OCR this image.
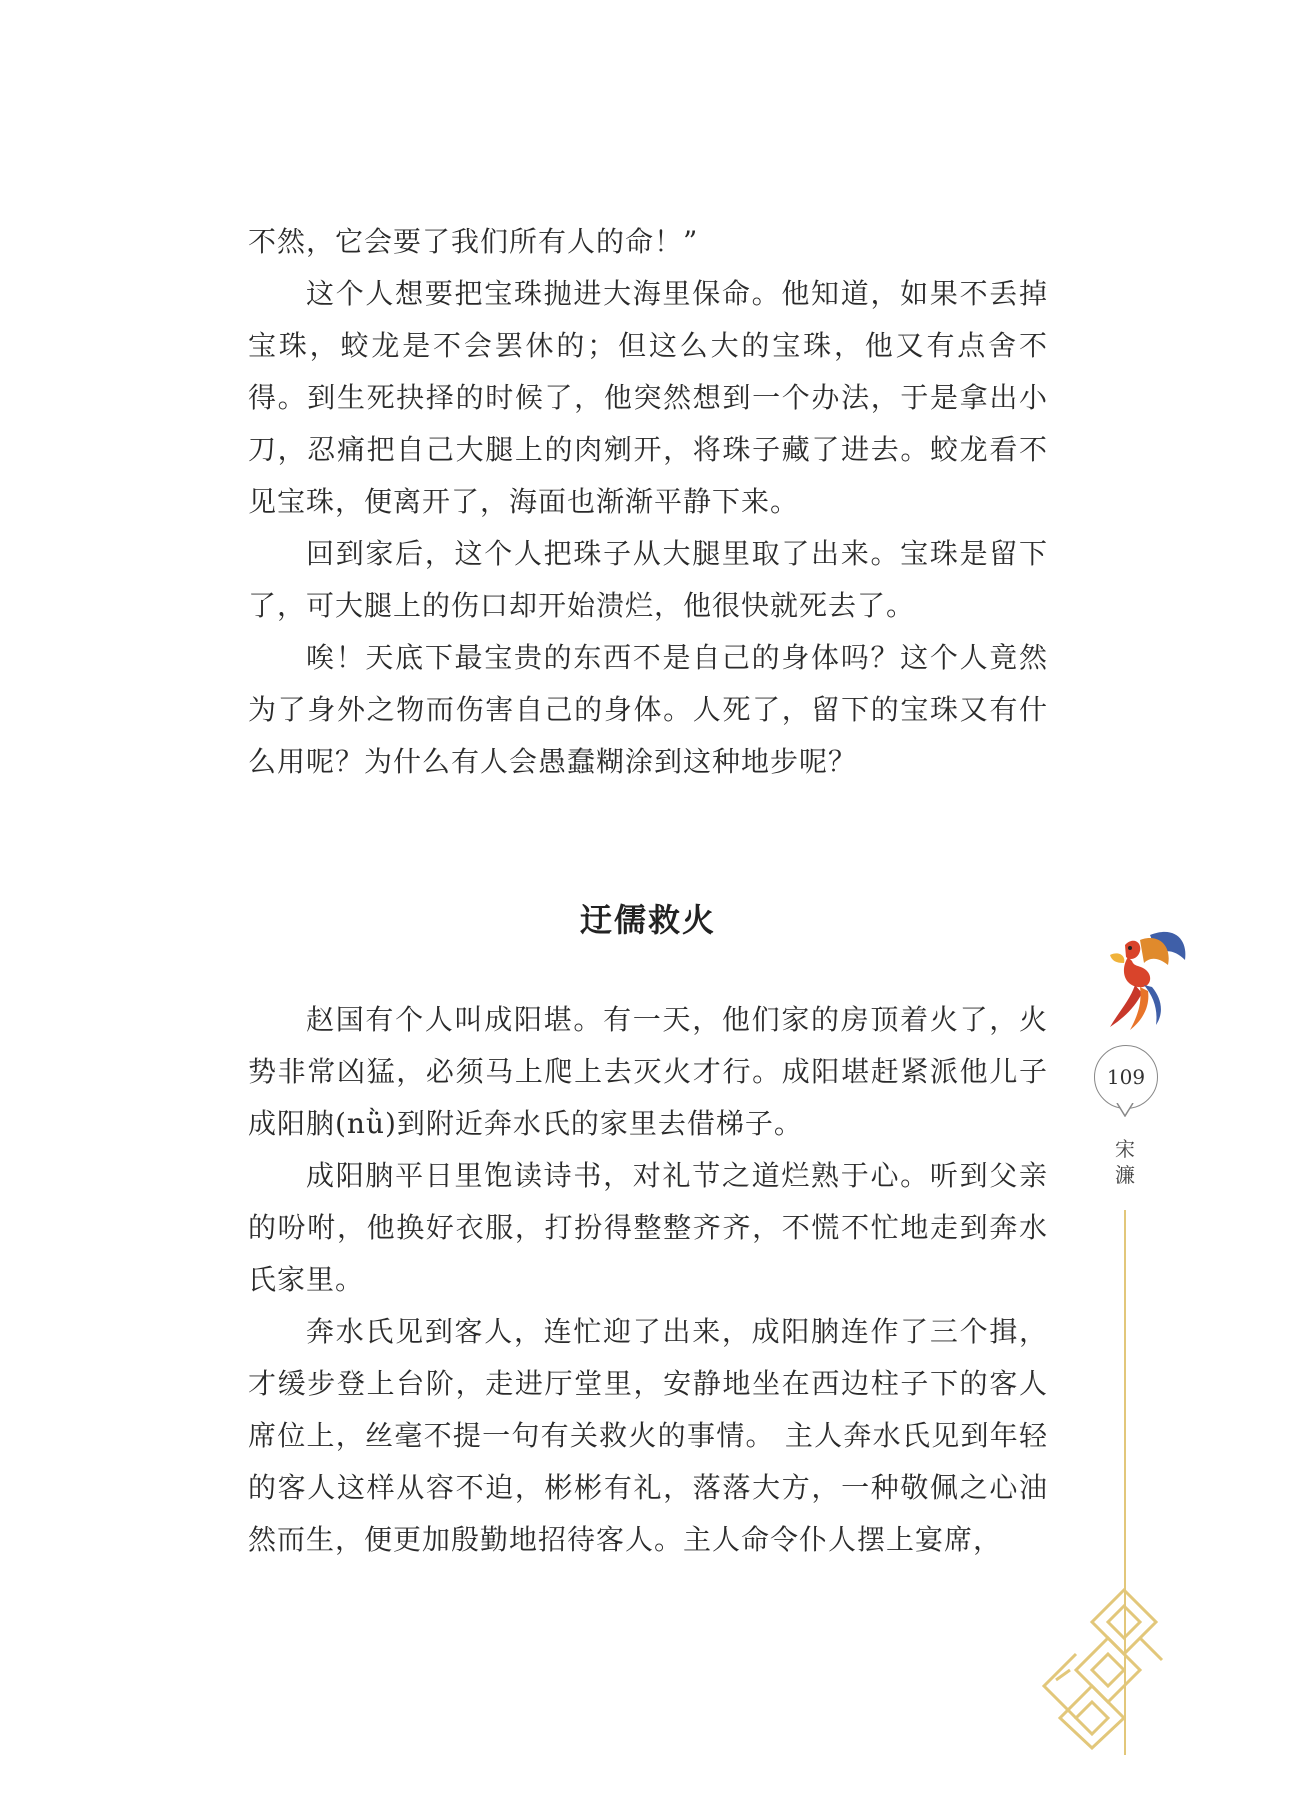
不然，它会要了我们所有人的命！”

这个人想要把宝珠抛进大海里保命。他知道，如果不丢掉宝珠，蛟龙是不会罢休的；但这么大的宝珠，他又有点舍不得。到生死抉择的时候了，他突然想到一个办法，于是拿出小刀，忍痛把自己大腿上的肉剜开，将珠子藏了进去。蛟龙看不见宝珠，便离开了，海面也渐渐平静下来。

回到家后，这个人把珠子从大腿里取了出来。宝珠是留下了，可大腿上的伤口却开始溃烂，他很快就死去了。

唉！天底下最宝贵的东西不是自己的身体吗？这个人竟然为了身外之物而伤害自己的身体。人死了，留下的宝珠又有什么用呢？为什么有人会愚蠢糊涂到这种地步呢？

迂儒救火

赵国有个人叫成阳堪。有一天，他们家的房顶着火了，火势非常凶猛，必须马上爬上去灭火才行。成阳堪赶紧派他儿子成阳朒(nǜ)到附近奔水氏的家里去借梯子。

成阳朒平日里饱读诗书，对礼节之道烂熟于心。听到父亲的吩咐，他换好衣服，打扮得整整齐齐，不慌不忙地走到奔水氏家里。

奔水氏见到客人，连忙迎了出来，成阳朒连作了三个揖，才缓步登上台阶，走进厅堂里，安静地坐在西边柱子下的客人席位上，丝毫不提一句有关救火的事情。 主人奔水氏见到年轻的客人这样从容不迫，彬彬有礼，落落大方，一种敬佩之心油然而生，便更加殷勤地招待客人。主人命令仆人摆上宴席，

109
宋濂
